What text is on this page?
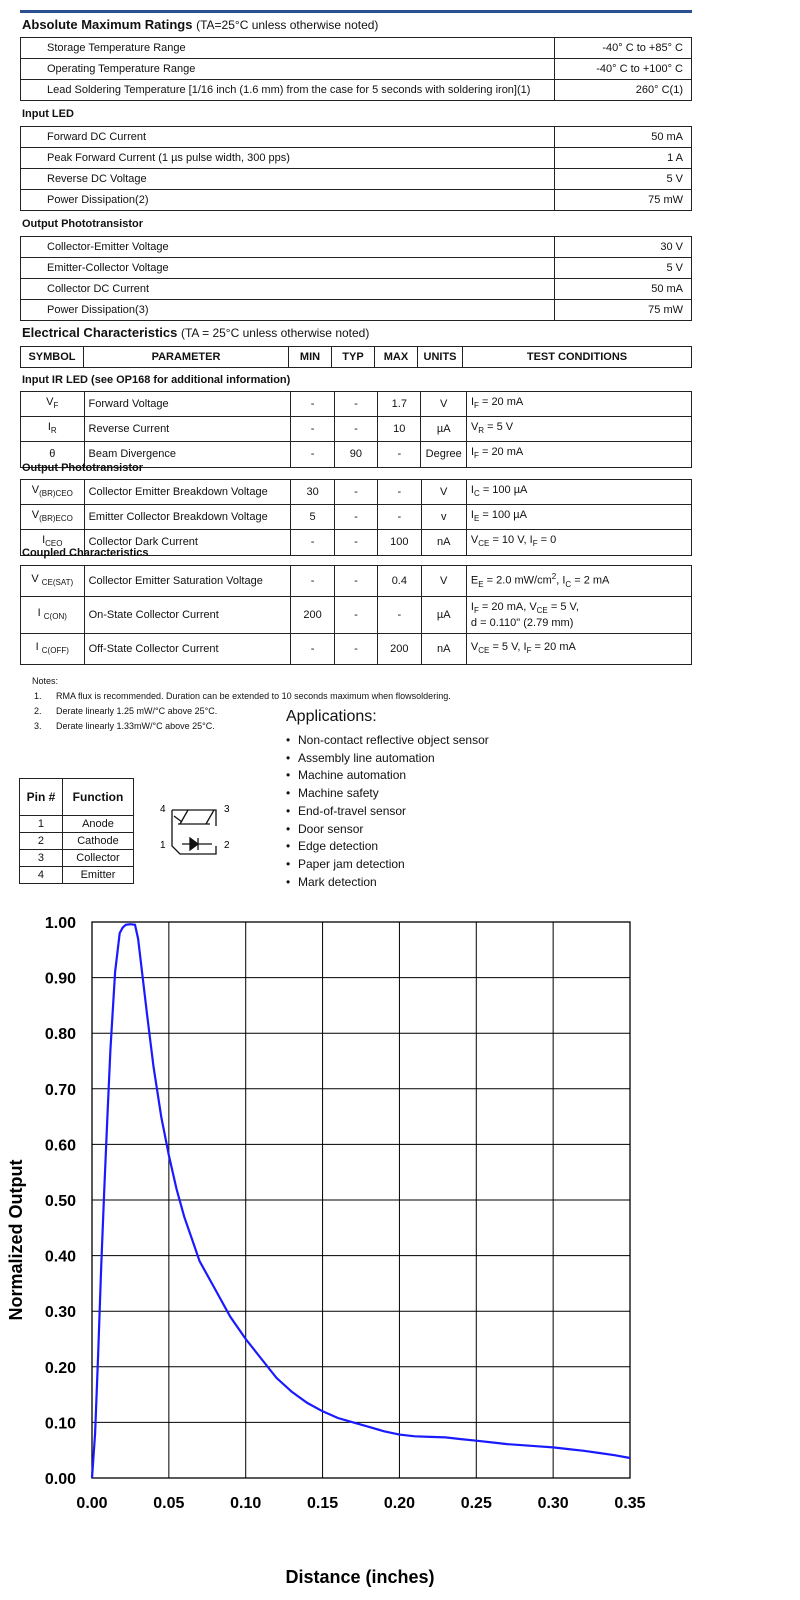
Absolute Maximum Ratings (TA=25°C unless otherwise noted)
Storage Temperature Range	-40° C to +85° C
Operating Temperature Range	-40° C to +100° C
Lead Soldering Temperature [1/16 inch (1.6 mm) from the case for 5 seconds with soldering iron](1)	260° C(1)
Input LED
Forward DC Current	50 mA
Peak Forward Current (1 µs pulse width, 300 pps)	1 A
Reverse DC Voltage	5 V
Power Dissipation(2)	75 mW
Output Phototransistor
Collector-Emitter Voltage	30 V
Emitter-Collector Voltage	5 V
Collector DC Current	50 mA
Power Dissipation(3)	75 mW
Electrical Characteristics (TA = 25°C unless otherwise noted)
SYMBOL	PARAMETER	MIN	TYP	MAX	UNITS	TEST CONDITIONS
Input IR LED (see OP168 for additional information)
$V_F$	Forward Voltage	-	-	1.7	V	$I_F = 20$ mA
$I_R$	Reverse Current	-	-	10	µA	$V_R = 5$ V
θ	Beam Divergence	-	90	-	Degree	$I_F = 20$ mA
Output Phototransistor
$V_{(BR)CEO}$	Collector Emitter Breakdown Voltage	30	-	-	V	$I_C = 100$ µA
$V_{(BR)ECO}$	Emitter Collector Breakdown Voltage	5	-	-	v	$I_E = 100$ µA
$I_{CEO}$	Collector Dark Current	-	-	100	nA	$V_{CE} = 10$ V, $I_F = 0$
Coupled Characteristics
V $_{CE(SAT)}$	Collector Emitter Saturation Voltage	-	-	0.4	V	$E_E = 2.0$ $mW/cm^2$, $I_C = 2$ mA
I $_{C(ON)}$	On-State Collector Current	200	-	-	µA	$I_F = 20$ mA, $V_{CE} = 5$ V,
d = 0.110" (2.79 mm)
I $_{C(OFF)}$	Off-State Collector Current	-	-	200	nA	$V_{CE} = 5$ V, $I_F = 20$ mA
Notes:
1. RMA flux is recommended. Duration can be extended to 10 seconds maximum when flowsoldering.
2. Derate linearly 1.25 mW/°C above 25°C.
3. Derate linearly 1.33mW/°C above 25°C.
Applications:
• Non-contact reflective object sensor
• Assembly line automation
• Machine automation
• Machine safety
• End-of-travel sensor
• Door sensor
• Edge detection
• Paper jam detection
• Mark detection
Pin #	Function
1	Anode
2	Cathode
3	Collector
4	Emitter
4	3
1	2
0.00
0.10
0.20
0.30
0.40
0.50
0.60
0.70
0.80
0.90
1.00
0.00	0.05	0.10	0.15	0.20	0.25	0.30	0.35
Normalized Output
Distance (inches)
